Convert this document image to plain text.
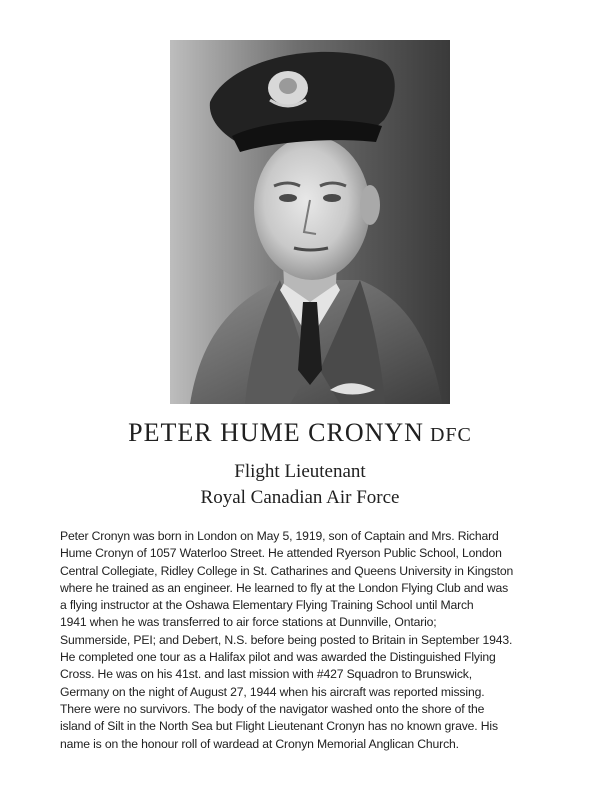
PETER HUME CRONYN DFC
Flight Lieutenant
Royal Canadian Air Force
Peter Cronyn was born in London on May 5, 1919, son of Captain and Mrs. Richard
Hume Cronyn of 1057 Waterloo Street. He attended Ryerson Public School, London
Central Collegiate, Ridley College in St. Catharines and Queens University in Kingston
where he trained as an engineer. He learned to fly at the London Flying Club and was
a flying instructor at the Oshawa Elementary Flying Training School until March
1941 when he was transferred to air force stations at Dunnville, Ontario;
Summerside, PEI; and Debert, N.S. before being posted to Britain in September 1943.
He completed one tour as a Halifax pilot and was awarded the Distinguished Flying
Cross. He was on his 41st. and last mission with #427 Squadron to Brunswick,
Germany on the night of August 27, 1944 when his aircraft was reported missing.
There were no survivors. The body of the navigator washed onto the shore of the
island of Silt in the North Sea but Flight Lieutenant Cronyn has no known grave. His
name is on the honour roll of wardead at Cronyn Memorial Anglican Church.
